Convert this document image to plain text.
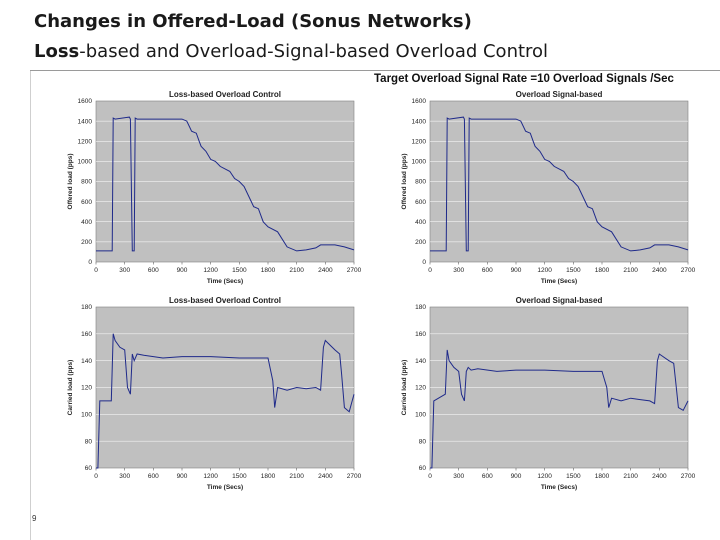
Changes in Offered-Load (Sonus Networks)
Loss-based and Overload-Signal-based Overload Control
Target Overload Signal Rate =10 Overload Signals /Sec
Loss-based Overload Control
0
200
400
600
800
1000
1200
1400
1600
0	300	600	900 1200 1500 1800 2100 2400 2700
Time (Secs)
Offered load (pps)
Overload Signal-based
0
200
400
600
800
1000
1200
1400
1600
0	300	600	900 1200 1500 1800 2100 2400 2700
Time (Secs)
Offered load (pps)
Loss-based Overload Control
60
80
100
120
140
160
180
0	300	600	900 1200 1500 1800 2100 2400 2700
Time (Secs)
Carried load (pps)
Overload Signal-based
60
80
100
120
140
160
180
0	300	600	900 1200 1500 1800 2100 2400 2700
Time (Secs)
Carried load (pps)
9
